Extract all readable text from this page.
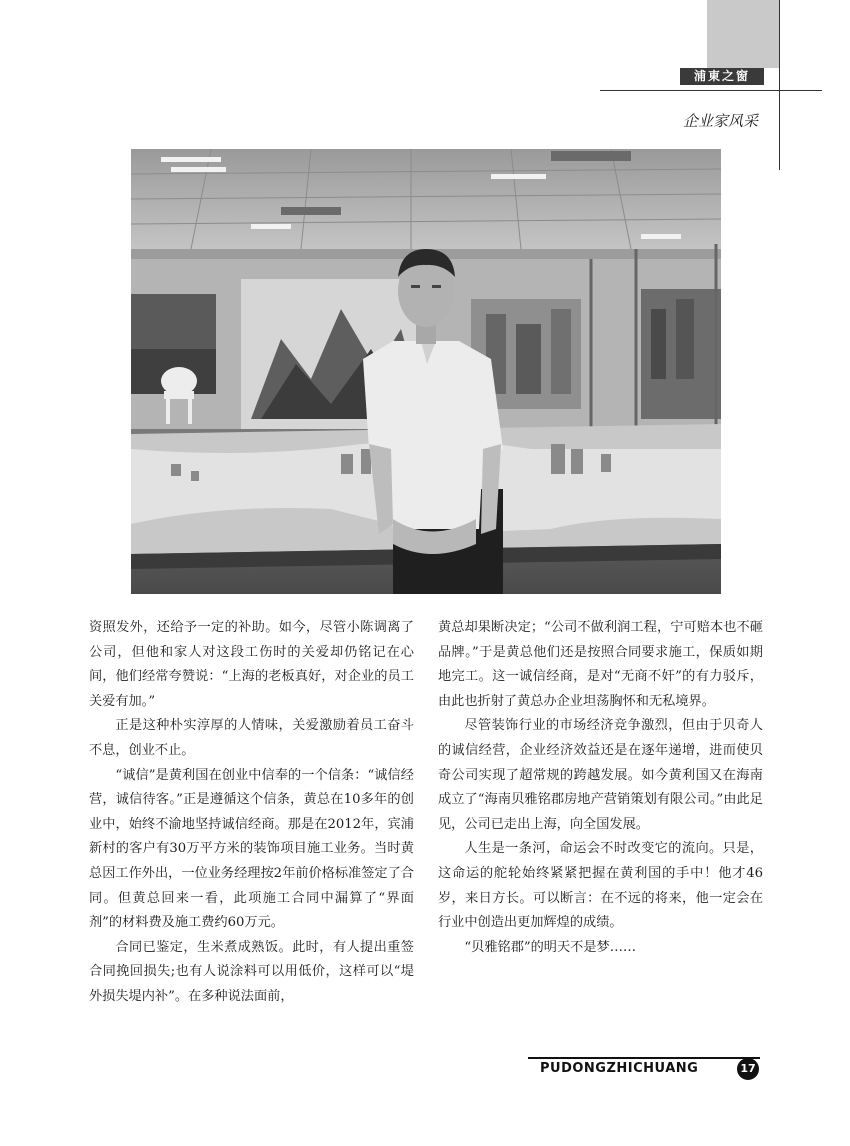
浦東之窗
企业家风采

资照发外，还给予一定的补助。如今，尽管小陈调离了公司，但他和家人对这段工伤时的关爱却仍铭记在心间，他们经常夸赞说：“上海的老板真好，对企业的员工关爱有加。”

正是这种朴实淳厚的人情味，关爱激励着员工奋斗不息，创业不止。

“诚信”是黄利国在创业中信奉的一个信条：“诚信经营，诚信待客。”正是遵循这个信条，黄总在10多年的创业中，始终不渝地坚持诚信经商。那是在2012年，宾浦新村的客户有30万平方米的装饰项目施工业务。当时黄总因工作外出，一位业务经理按2年前价格标准签定了合同。但黄总回来一看，此项施工合同中漏算了“界面剂”的材料费及施工费约60万元。

合同已鉴定，生米煮成熟饭。此时，有人提出重签合同挽回损失;也有人说涂料可以用低价，这样可以“堤外损失堤内补”。在多种说法面前，

黄总却果断决定；“公司不做利润工程，宁可赔本也不砸品牌。”于是黄总他们还是按照合同要求施工，保质如期地完工。这一诚信经商，是对“无商不奸”的有力驳斥，由此也折射了黄总办企业坦荡胸怀和无私境界。

尽管装饰行业的市场经济竞争激烈，但由于贝奇人的诚信经营，企业经济效益还是在逐年递增，进而使贝奇公司实现了超常规的跨越发展。如今黄利国又在海南成立了“海南贝雅铭郡房地产营销策划有限公司。”由此足见，公司已走出上海，向全国发展。

人生是一条河，命运会不时改变它的流向。只是，这命运的舵轮始终紧紧把握在黄利国的手中！他才46岁，来日方长。可以断言：在不远的将来，他一定会在行业中创造出更加辉煌的成绩。

“贝雅铭郡”的明天不是梦……

PUDONGZHICHUANG	17
